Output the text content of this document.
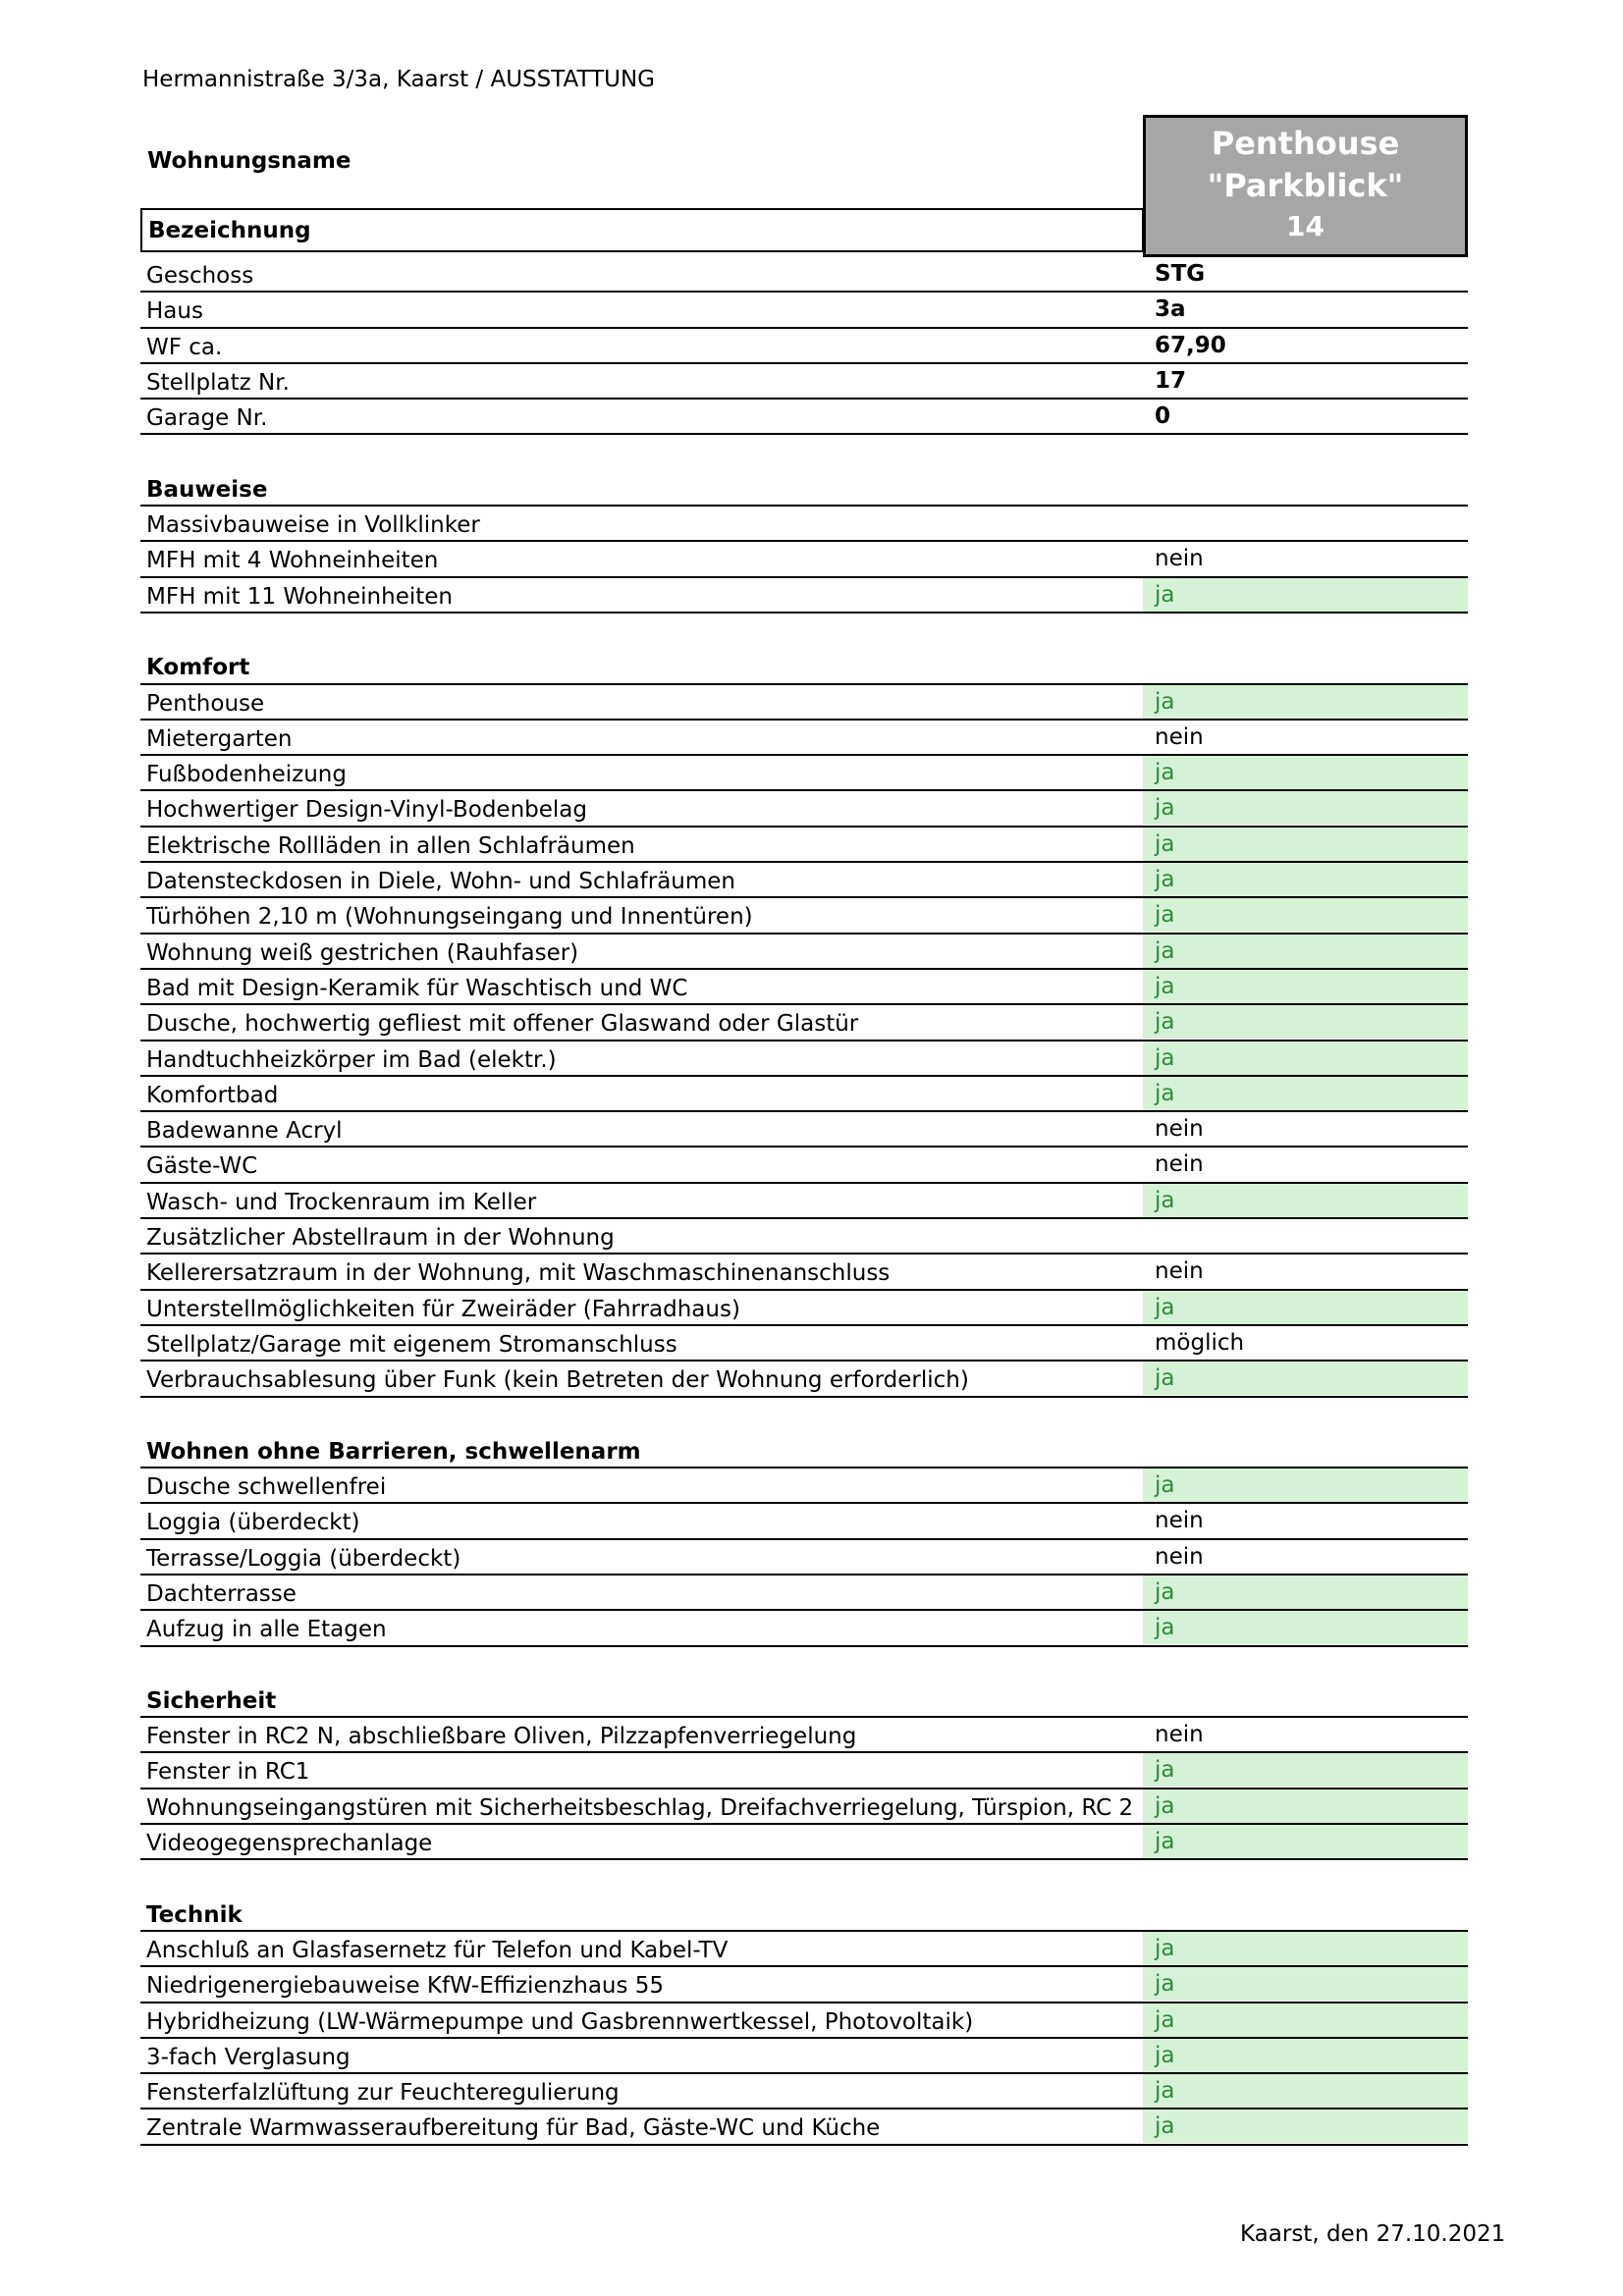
Hermannistraße 3/3a, Kaarst / AUSSTATTUNG
Wohnungsname
Bezeichnung
Penthouse
"Parkblick"
14
Geschoss	STG
Haus	3a
WF ca.	67,90
Stellplatz Nr.	17
Garage Nr.	0
Bauweise
Massivbauweise in Vollklinker
MFH mit 4 Wohneinheiten	nein
MFH mit 11 Wohneinheiten	ja
Komfort
Penthouse	ja
Mietergarten	nein
Fußbodenheizung	ja
Hochwertiger Design-Vinyl-Bodenbelag	ja
Elektrische Rollläden in allen Schlafräumen	ja
Datensteckdosen in Diele, Wohn- und Schlafräumen	ja
Türhöhen 2,10 m (Wohnungseingang und Innentüren)	ja
Wohnung weiß gestrichen (Rauhfaser)	ja
Bad mit Design-Keramik für Waschtisch und WC	ja
Dusche, hochwertig gefliest mit offener Glaswand oder Glastür	ja
Handtuchheizkörper im Bad (elektr.)	ja
Komfortbad	ja
Badewanne Acryl	nein
Gäste-WC	nein
Wasch- und Trockenraum im Keller	ja
Zusätzlicher Abstellraum in der Wohnung
Kellerersatzraum in der Wohnung, mit Waschmaschinenanschluss	nein
Unterstellmöglichkeiten für Zweiräder (Fahrradhaus)	ja
Stellplatz/Garage mit eigenem Stromanschluss	möglich
Verbrauchsablesung über Funk (kein Betreten der Wohnung erforderlich)	ja
Wohnen ohne Barrieren, schwellenarm
Dusche schwellenfrei	ja
Loggia (überdeckt)	nein
Terrasse/Loggia (überdeckt)	nein
Dachterrasse	ja
Aufzug in alle Etagen	ja
Sicherheit
Fenster in RC2 N, abschließbare Oliven, Pilzzapfenverriegelung	nein
Fenster in RC1	ja
Wohnungseingangstüren mit Sicherheitsbeschlag, Dreifachverriegelung, Türspion, RC 2 ja
Videogegensprechanlage	ja
Technik
Anschluß an Glasfasernetz für Telefon und Kabel-TV	ja
Niedrigenergiebauweise KfW-Effizienzhaus 55	ja
Hybridheizung (LW-Wärmepumpe und Gasbrennwertkessel, Photovoltaik)	ja
3-fach Verglasung	ja
Fensterfalzlüftung zur Feuchteregulierung	ja
Zentrale Warmwasseraufbereitung für Bad, Gäste-WC und Küche	ja
Kaarst, den 27.10.2021
